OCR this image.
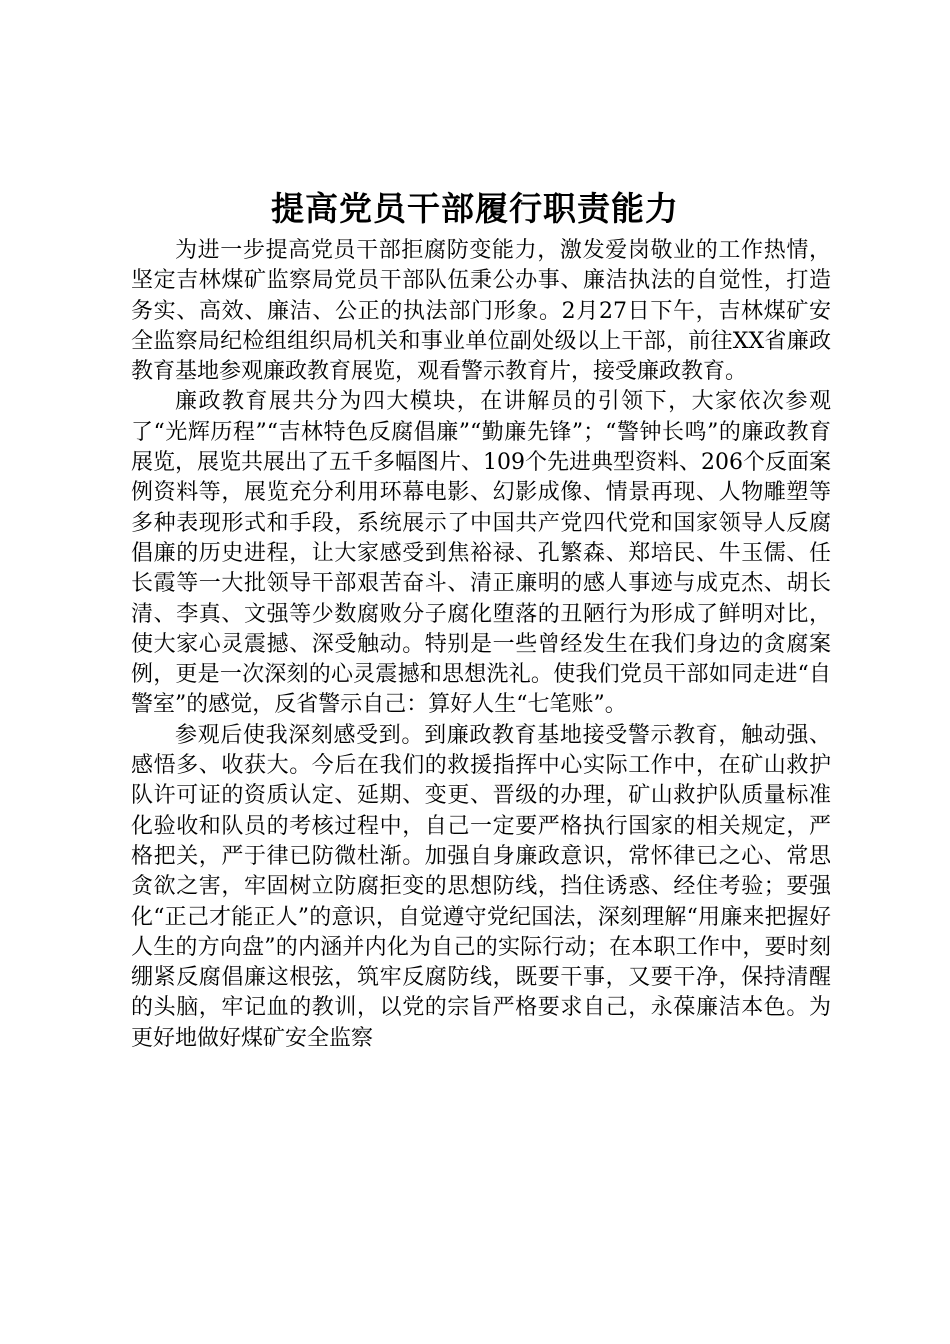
提高党员干部履行职责能力

为进一步提高党员干部拒腐防变能力，激发爱岗敬业的工作热情，坚定吉林煤矿监察局党员干部队伍秉公办事、廉洁执法的自觉性，打造务实、高效、廉洁、公正的执法部门形象。2月27日下午，吉林煤矿安全监察局纪检组组织局机关和事业单位副处级以上干部，前往XX省廉政教育基地参观廉政教育展览，观看警示教育片，接受廉政教育。

廉政教育展共分为四大模块，在讲解员的引领下，大家依次参观了“光辉历程”“吉林特色反腐倡廉”“勤廉先锋”；“警钟长鸣”的廉政教育展览，展览共展出了五千多幅图片、109个先进典型资料、206个反面案例资料等，展览充分利用环幕电影、幻影成像、情景再现、人物雕塑等多种表现形式和手段，系统展示了中国共产党四代党和国家领导人反腐倡廉的历史进程，让大家感受到焦裕禄、孔繁森、郑培民、牛玉儒、任长霞等一大批领导干部艰苦奋斗、清正廉明的感人事迹与成克杰、胡长清、李真、文强等少数腐败分子腐化堕落的丑陋行为形成了鲜明对比，使大家心灵震撼、深受触动。特别是一些曾经发生在我们身边的贪腐案例，更是一次深刻的心灵震撼和思想洗礼。使我们党员干部如同走进“自警室”的感觉，反省警示自己：算好人生“七笔账”。

参观后使我深刻感受到。到廉政教育基地接受警示教育，触动强、感悟多、收获大。今后在我们的救援指挥中心实际工作中，在矿山救护队许可证的资质认定、延期、变更、晋级的办理，矿山救护队质量标准化验收和队员的考核过程中，自己一定要严格执行国家的相关规定，严格把关，严于律已防微杜渐。加强自身廉政意识，常怀律已之心、常思贪欲之害，牢固树立防腐拒变的思想防线，挡住诱惑、经住考验；要强化“正己才能正人”的意识，自觉遵守党纪国法，深刻理解“用廉来把握好人生的方向盘”的内涵并内化为自己的实际行动；在本职工作中，要时刻绷紧反腐倡廉这根弦，筑牢反腐防线，既要干事，又要干净，保持清醒的头脑，牢记血的教训，以党的宗旨严格要求自己，永葆廉洁本色。为更好地做好煤矿安全监察
